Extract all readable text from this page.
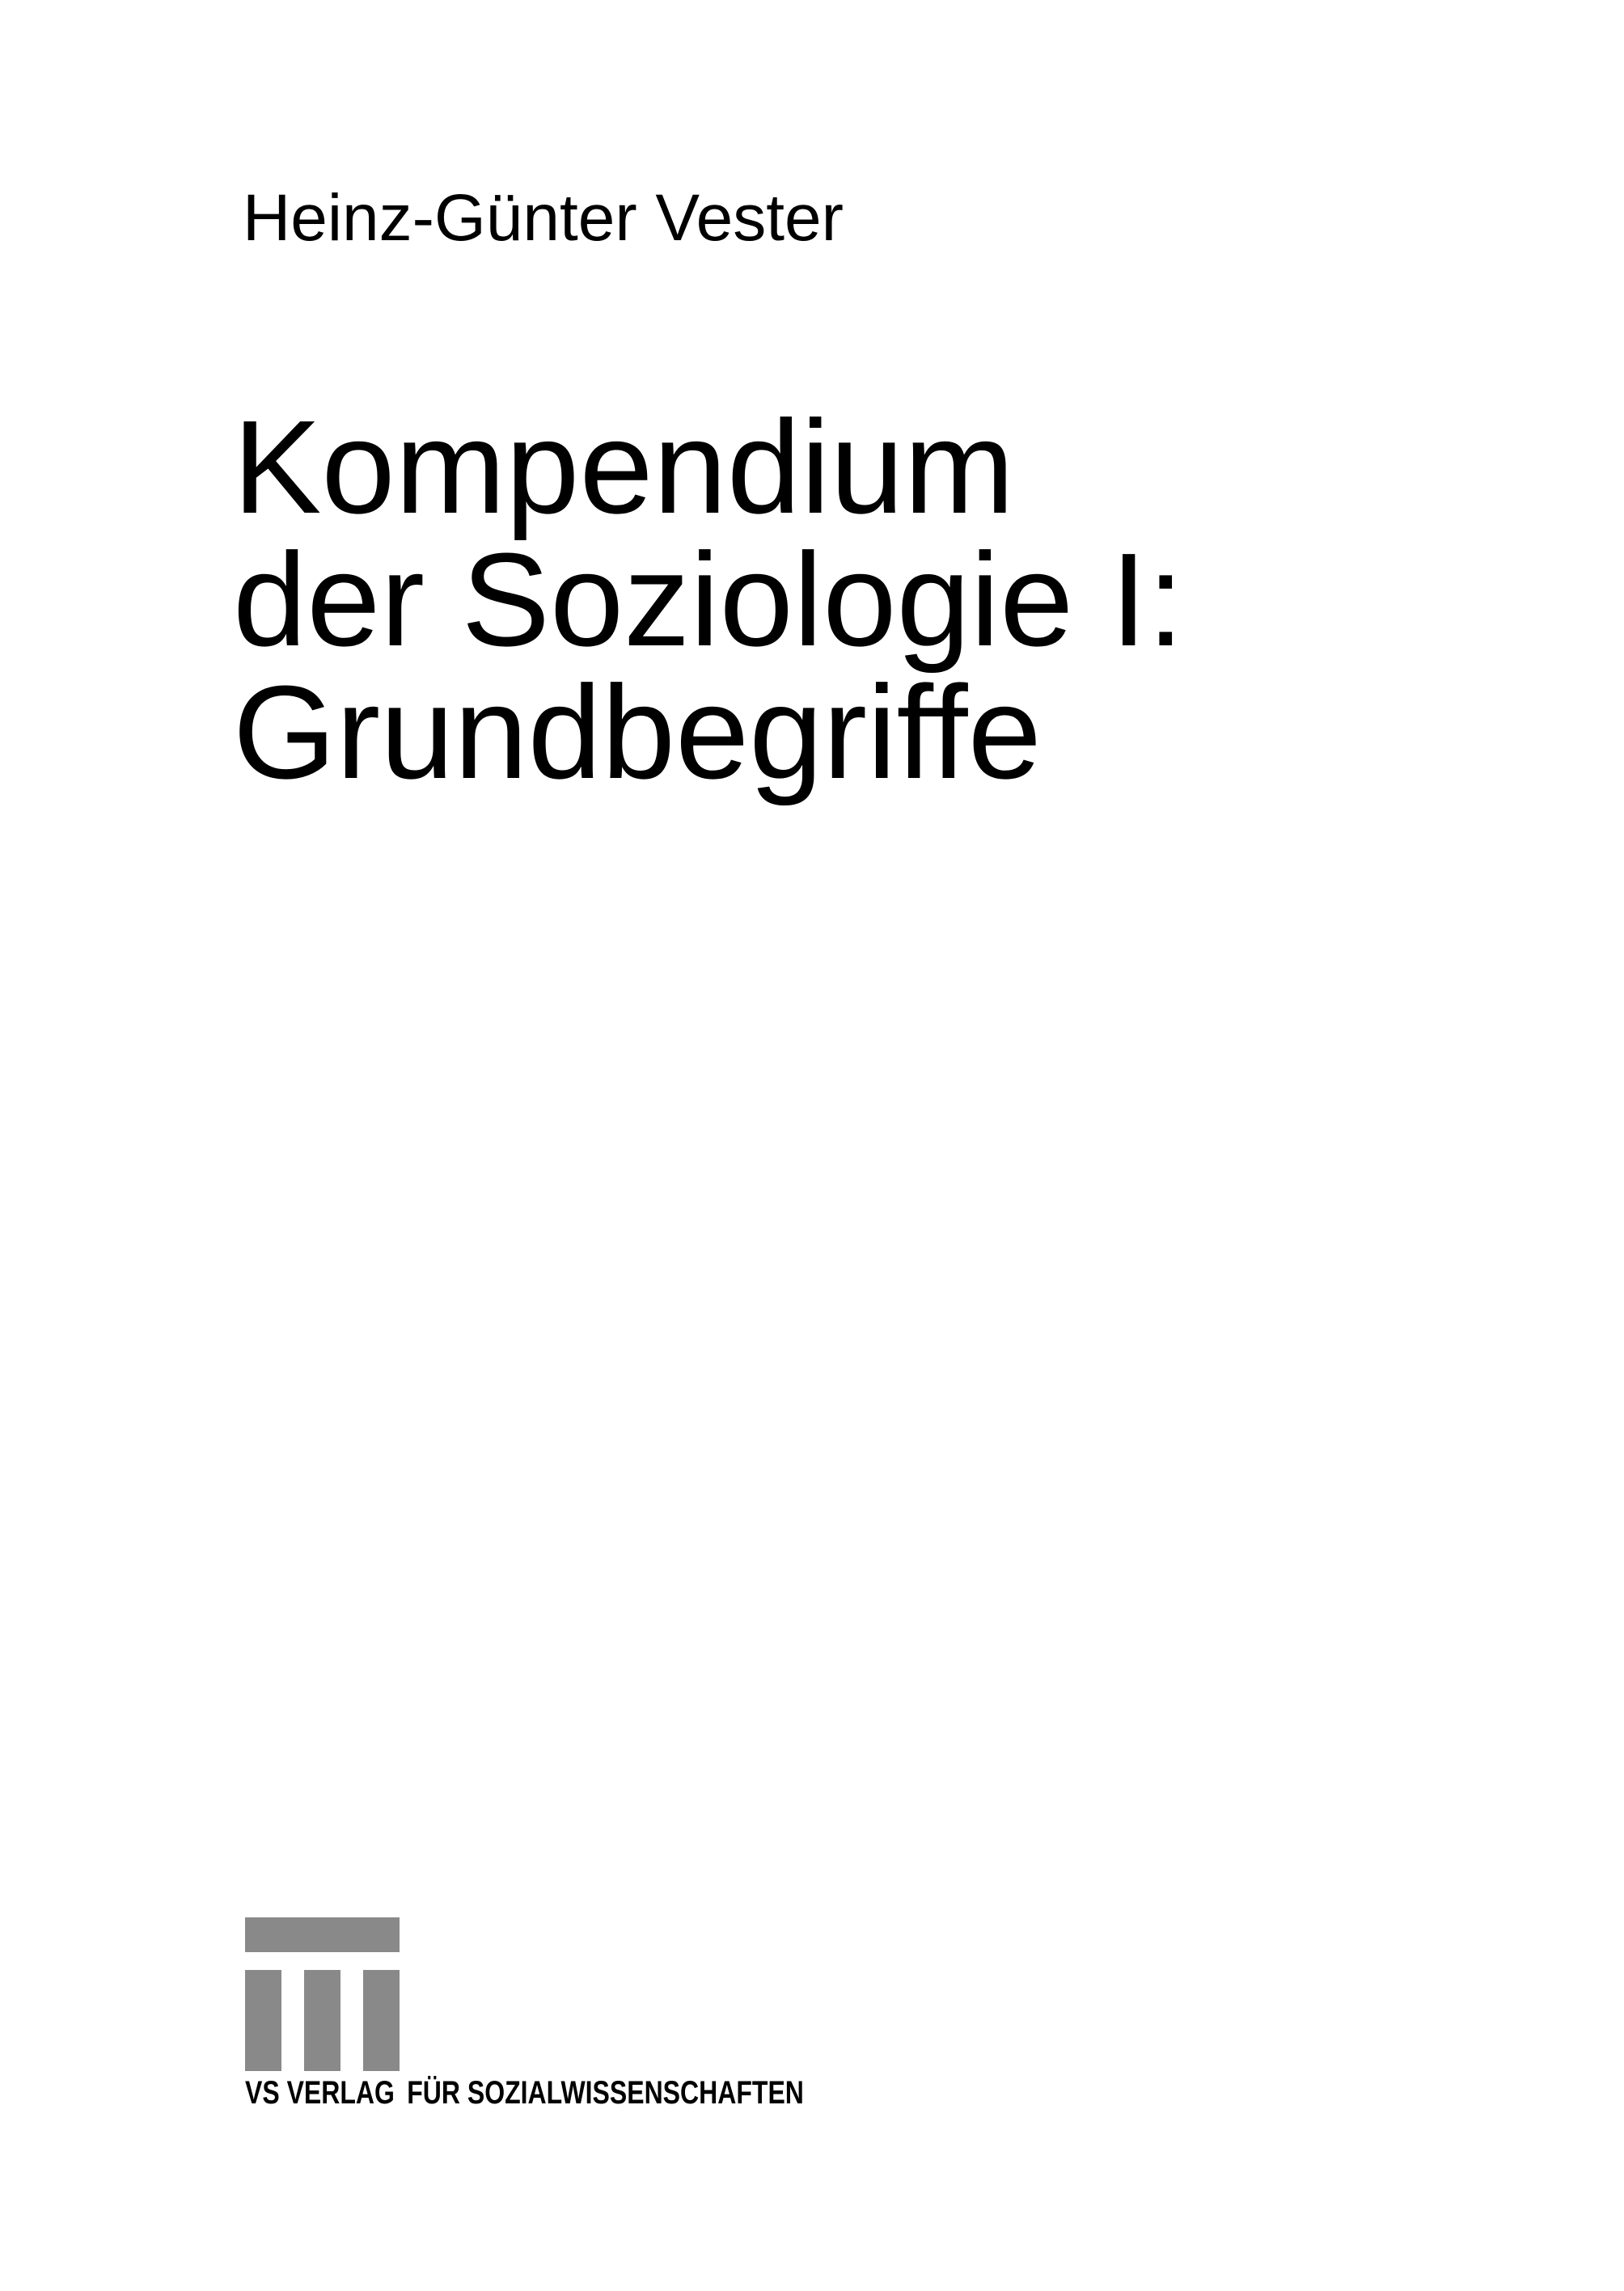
Heinz-Günter Vester
Kompendium
der Soziologie I:
Grundbegriffe
VS VERLAG FÜR SOZIALWISSENSCHAFTEN
